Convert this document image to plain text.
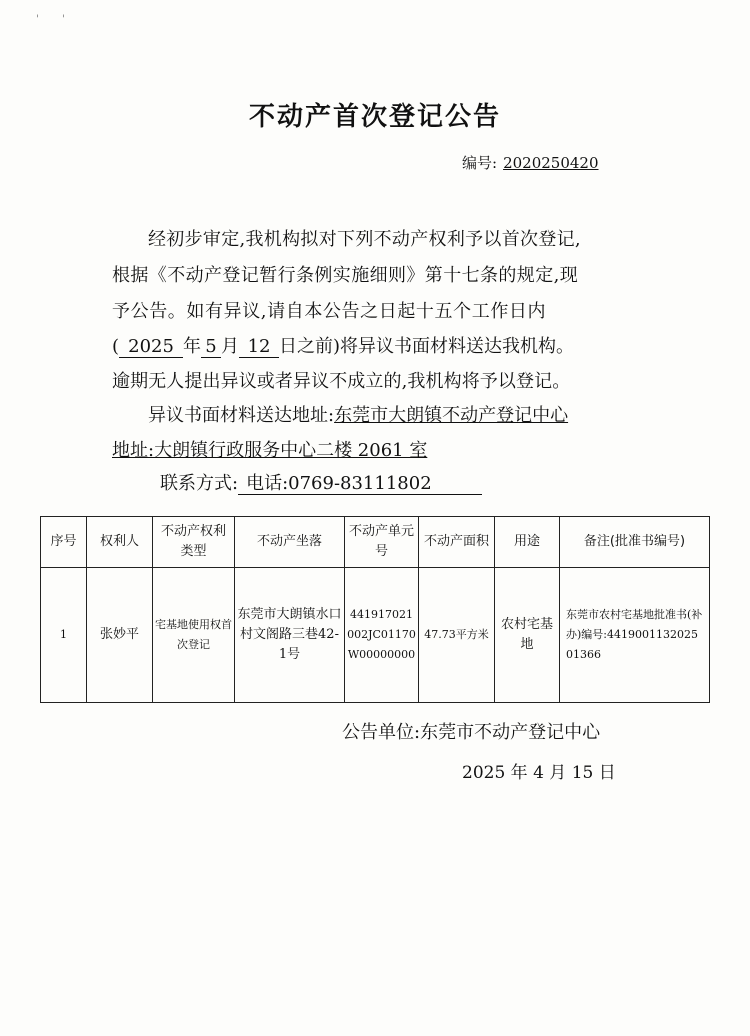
' '
不动产首次登记公告
编号: 2020250420
经初步审定,我机构拟对下列不动产权利予以首次登记,
根据《不动产登记暂行条例实施细则》第十七条的规定,现
予公告。如有异议,请自本公告之日起十五个工作日内
( 2025 年 5 月 12 日之前)将异议书面材料送达我机构。
逾期无人提出异议或者异议不成立的,我机构将予以登记。
异议书面材料送达地址:东莞市大朗镇不动产登记中心
地址:大朗镇行政服务中心二楼 2061 室
联系方式: 电话:0769-83111802
序号	权利人	不动产权利类型	不动产坐落	不动产单元号	不动产面积	用途	备注(批准书编号)
1	张妙平	宅基地使用权首次登记	东莞市大朗镇水口村文阁路三巷42-1号	441917021002JC01170W00000000	47.73平方米	农村宅基地	东莞市农村宅基地批准书(补办)编号:441900113202501366
公告单位:东莞市不动产登记中心
2025 年 4 月 15 日
